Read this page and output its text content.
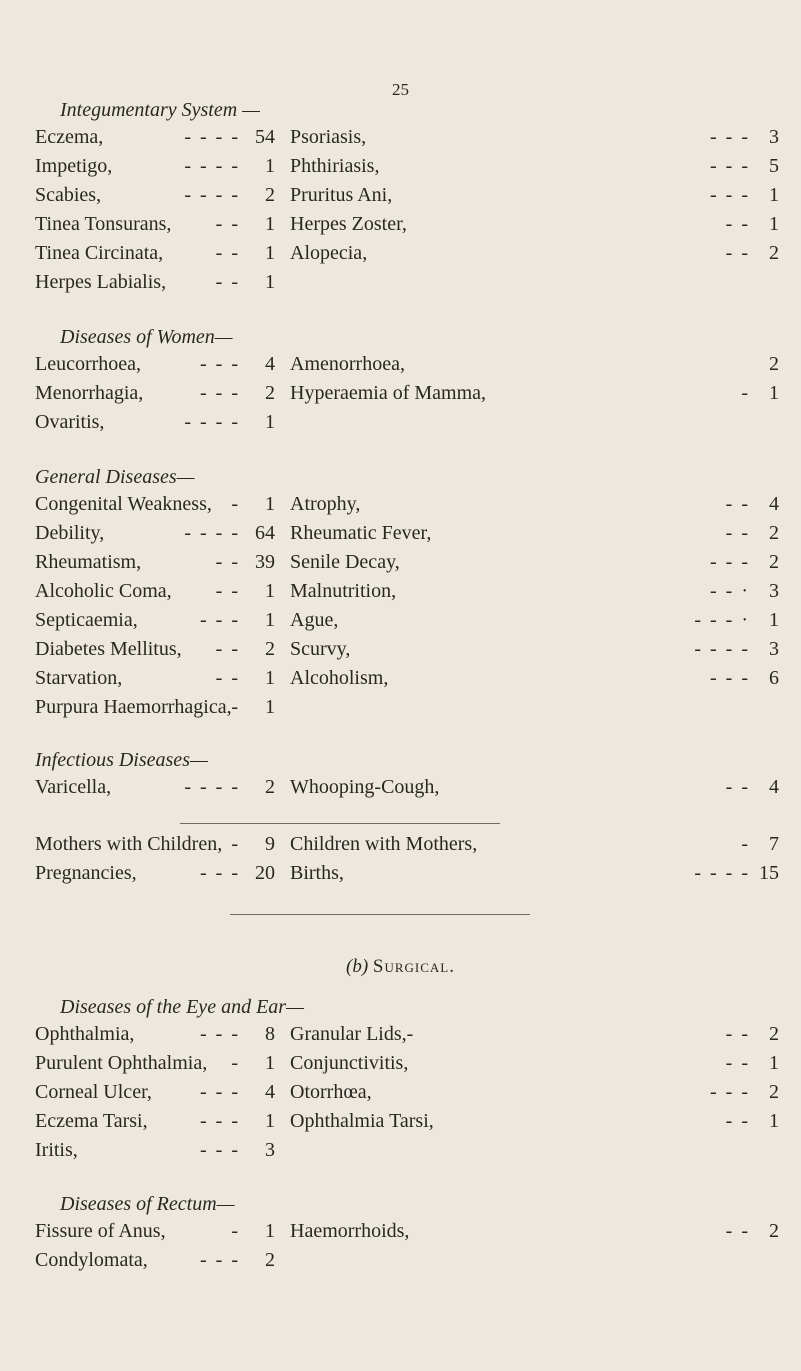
25
Integumentary System —
Eczema,	- - - - 54 Psoriasis,	- - - 3
Impetigo,	- - - -	1 Phthiriasis,	- - - 5
Scabies,	- - - -	2 Pruritus Ani,	- - - 1
Tinea Tonsurans,	- -	1 Herpes Zoster,	- - 1
Tinea Circinata,	- -	1 Alopecia,	- - 2
Herpes Labialis,	- -	1
Diseases of Women—
Leucorrhoea,	- - -	4 Amenorrhoea,	2
Menorrhagia,	- - -	2 Hyperaemia of Mamma,	- 1
Ovaritis,	- - - -	1
General Diseases—
Congenital Weakness, -	1 Atrophy,	- - 4
Debility,	- - - - 64 Rheumatic Fever,	- - 2
Rheumatism,	- - 39 Senile Decay,	- - - 2
Alcoholic Coma,	- -	1 Malnutrition,	- - · 3
Septicaemia,	- - -	1 Ague,	- - - · 1
Diabetes Mellitus,	- -	2 Scurvy,	- - - - 3
Starvation,	- -	1 Alcoholism,	- - - 6
Purpura Haemorrhagica, -	1
Infectious Diseases—
Varicella,	- - - -	2 Whooping-Cough,	- - 4
Mothers with Children, -	9 Children with Mothers,	- 7
Pregnancies,	- - - 20 Births,	- - - - 15
(b) Surgical.
Diseases of the Eye and Ear—
Ophthalmia,	- - -	8 Granular Lids,-	- - 2
Purulent Ophthalmia,	-	1 Conjunctivitis,	- - 1
Corneal Ulcer,	- - -	4 Otorrhœa,	- - - 2
Eczema Tarsi,	- - -	1 Ophthalmia Tarsi,	- - 1
Iritis,	- - -	3
Diseases of Rectum—
Fissure of Anus,	-	1 Haemorrhoids,	- - 2
Condylomata,	- - -	2
